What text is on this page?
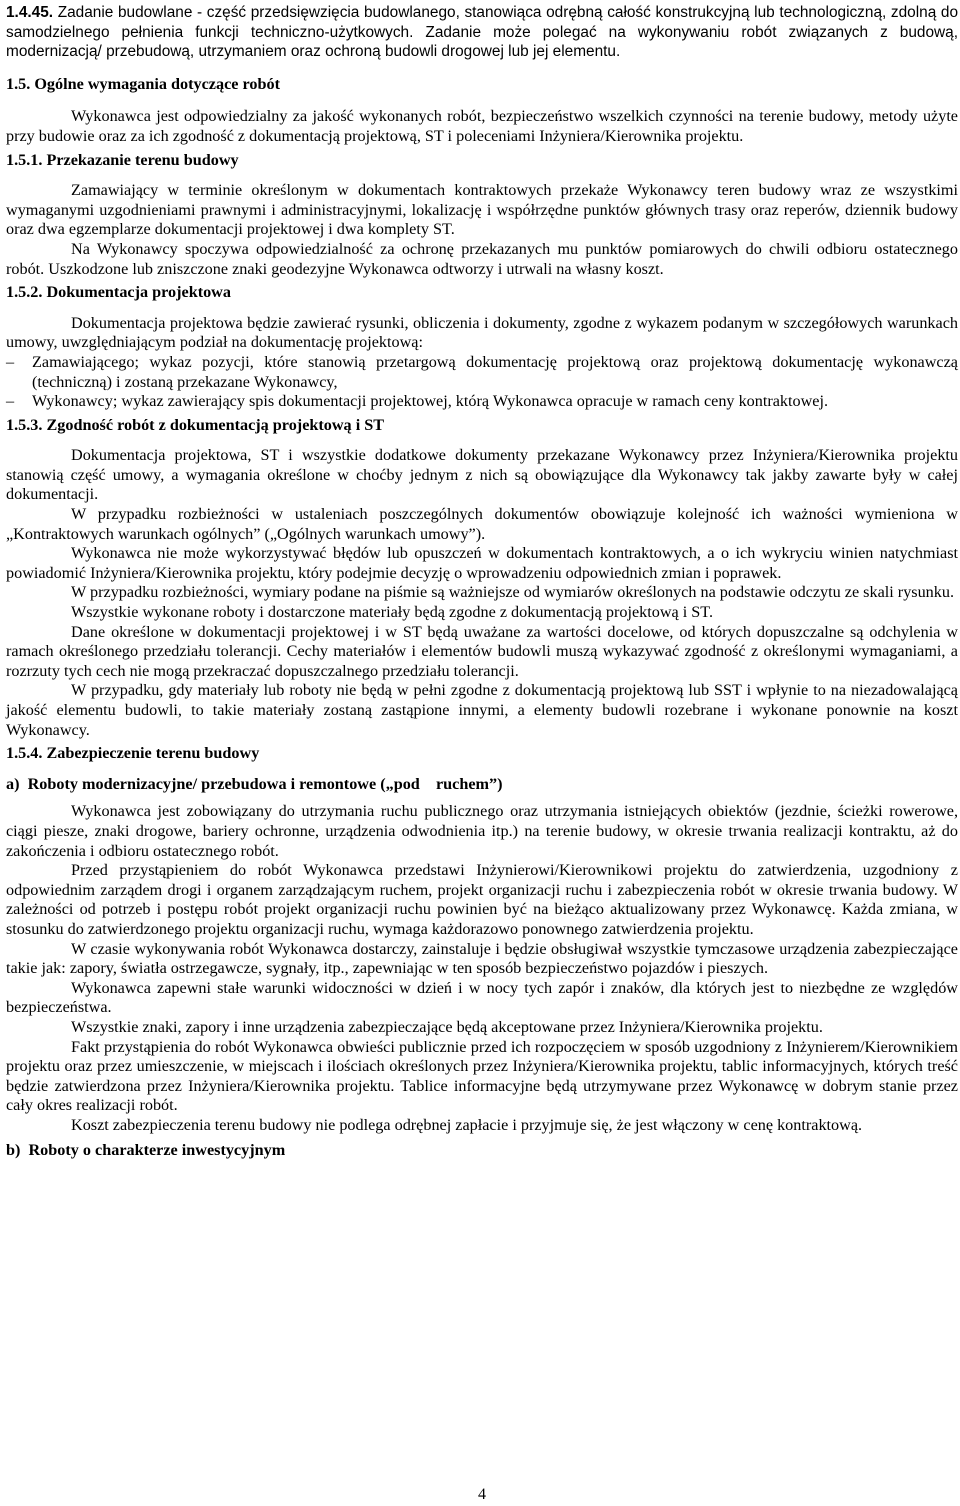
1.4.45. Zadanie budowlane - część przedsięwzięcia budowlanego, stanowiąca odrębną całość konstrukcyjną lub technologiczną, zdolną do samodzielnego pełnienia funkcji techniczno-użytkowych. Zadanie może polegać na wykonywaniu robót związanych z budową, modernizacją/ przebudową, utrzymaniem oraz ochroną budowli drogowej lub jej elementu.

1.5. Ogólne wymagania dotyczące robót

Wykonawca jest odpowiedzialny za jakość wykonanych robót, bezpieczeństwo wszelkich czynności na terenie budowy, metody użyte przy budowie oraz za ich zgodność z dokumentacją projektową, ST i poleceniami Inżyniera/Kierownika projektu.

1.5.1. Przekazanie terenu budowy

Zamawiający w terminie określonym w dokumentach kontraktowych przekaże Wykonawcy teren budowy wraz ze wszystkimi wymaganymi uzgodnieniami prawnymi i administracyjnymi, lokalizację i współrzędne punktów głównych trasy oraz reperów, dziennik budowy oraz dwa egzemplarze dokumentacji projektowej i dwa komplety ST.

Na Wykonawcy spoczywa odpowiedzialność za ochronę przekazanych mu punktów pomiarowych do chwili odbioru ostatecznego robót. Uszkodzone lub zniszczone znaki geodezyjne Wykonawca odtworzy i utrwali na własny koszt.

1.5.2. Dokumentacja projektowa

Dokumentacja projektowa będzie zawierać rysunki, obliczenia i dokumenty, zgodne z wykazem podanym w szczegółowych warunkach umowy, uwzględniającym podział na dokumentację projektową:

– Zamawiającego; wykaz pozycji, które stanowią przetargową dokumentację projektową oraz projektową dokumentację wykonawczą (techniczną) i zostaną przekazane Wykonawcy,
– Wykonawcy; wykaz zawierający spis dokumentacji projektowej, którą Wykonawca opracuje w ramach ceny kontraktowej.
1.5.3. Zgodność robót z dokumentacją projektową i ST

Dokumentacja projektowa, ST i wszystkie dodatkowe dokumenty przekazane Wykonawcy przez Inżyniera/Kierownika projektu stanowią część umowy, a wymagania określone w choćby jednym z nich są obowiązujące dla Wykonawcy tak jakby zawarte były w całej dokumentacji.

W przypadku rozbieżności w ustaleniach poszczególnych dokumentów obowiązuje kolejność ich ważności wymieniona w „Kontraktowych warunkach ogólnych” („Ogólnych warunkach umowy”).

Wykonawca nie może wykorzystywać błędów lub opuszczeń w dokumentach kontraktowych, a o ich wykryciu winien natychmiast powiadomić Inżyniera/Kierownika projektu, który podejmie decyzję o wprowadzeniu odpowiednich zmian i poprawek.

W przypadku rozbieżności, wymiary podane na piśmie są ważniejsze od wymiarów określonych na podstawie odczytu ze skali rysunku.

Wszystkie wykonane roboty i dostarczone materiały będą zgodne z dokumentacją projektową i ST.

Dane określone w dokumentacji projektowej i w ST będą uważane za wartości docelowe, od których dopuszczalne są odchylenia w ramach określonego przedziału tolerancji. Cechy materiałów i elementów budowli muszą wykazywać zgodność z określonymi wymaganiami, a rozrzuty tych cech nie mogą przekraczać dopuszczalnego przedziału tolerancji.

W przypadku, gdy materiały lub roboty nie będą w pełni zgodne z dokumentacją projektową lub SST i wpłynie to na niezadowalającą jakość elementu budowli, to takie materiały zostaną zastąpione innymi, a elementy budowli rozebrane i wykonane ponownie na koszt Wykonawcy.

1.5.4. Zabezpieczenie terenu budowy
a)  Roboty modernizacyjne/ przebudowa i remontowe („pod    ruchem”)

Wykonawca jest zobowiązany do utrzymania ruchu publicznego oraz utrzymania istniejących obiektów (jezdnie, ścieżki rowerowe, ciągi piesze, znaki drogowe, bariery ochronne, urządzenia odwodnienia itp.) na terenie budowy, w okresie trwania realizacji kontraktu, aż do zakończenia i odbioru ostatecznego robót.

Przed przystąpieniem do robót Wykonawca przedstawi Inżynierowi/Kierownikowi projektu do zatwierdzenia, uzgodniony z odpowiednim zarządem drogi i organem zarządzającym ruchem, projekt organizacji ruchu i zabezpieczenia robót w okresie trwania budowy. W zależności od potrzeb i postępu robót projekt organizacji ruchu powinien być na bieżąco aktualizowany przez Wykonawcę. Każda zmiana, w stosunku do zatwierdzonego projektu organizacji ruchu, wymaga każdorazowo ponownego zatwierdzenia projektu.

W czasie wykonywania robót Wykonawca dostarczy, zainstaluje i będzie obsługiwał wszystkie tymczasowe urządzenia zabezpieczające takie jak: zapory, światła ostrzegawcze, sygnały, itp., zapewniając w ten sposób bezpieczeństwo pojazdów i pieszych.

Wykonawca zapewni stałe warunki widoczności w dzień i w nocy tych zapór i znaków, dla których jest to niezbędne ze względów bezpieczeństwa.

Wszystkie znaki, zapory i inne urządzenia zabezpieczające będą akceptowane przez Inżyniera/Kierownika projektu.

Fakt przystąpienia do robót Wykonawca obwieści publicznie przed ich rozpoczęciem w sposób uzgodniony z Inżynierem/Kierownikiem projektu oraz przez umieszczenie, w miejscach i ilościach określonych przez Inżyniera/Kierownika projektu, tablic informacyjnych, których treść będzie zatwierdzona przez Inżyniera/Kierownika projektu. Tablice informacyjne będą utrzymywane przez Wykonawcę w dobrym stanie przez cały okres realizacji robót.

Koszt zabezpieczenia terenu budowy nie podlega odrębnej zapłacie i przyjmuje się, że jest włączony w cenę kontraktową.

b)  Roboty o charakterze inwestycyjnym
4
